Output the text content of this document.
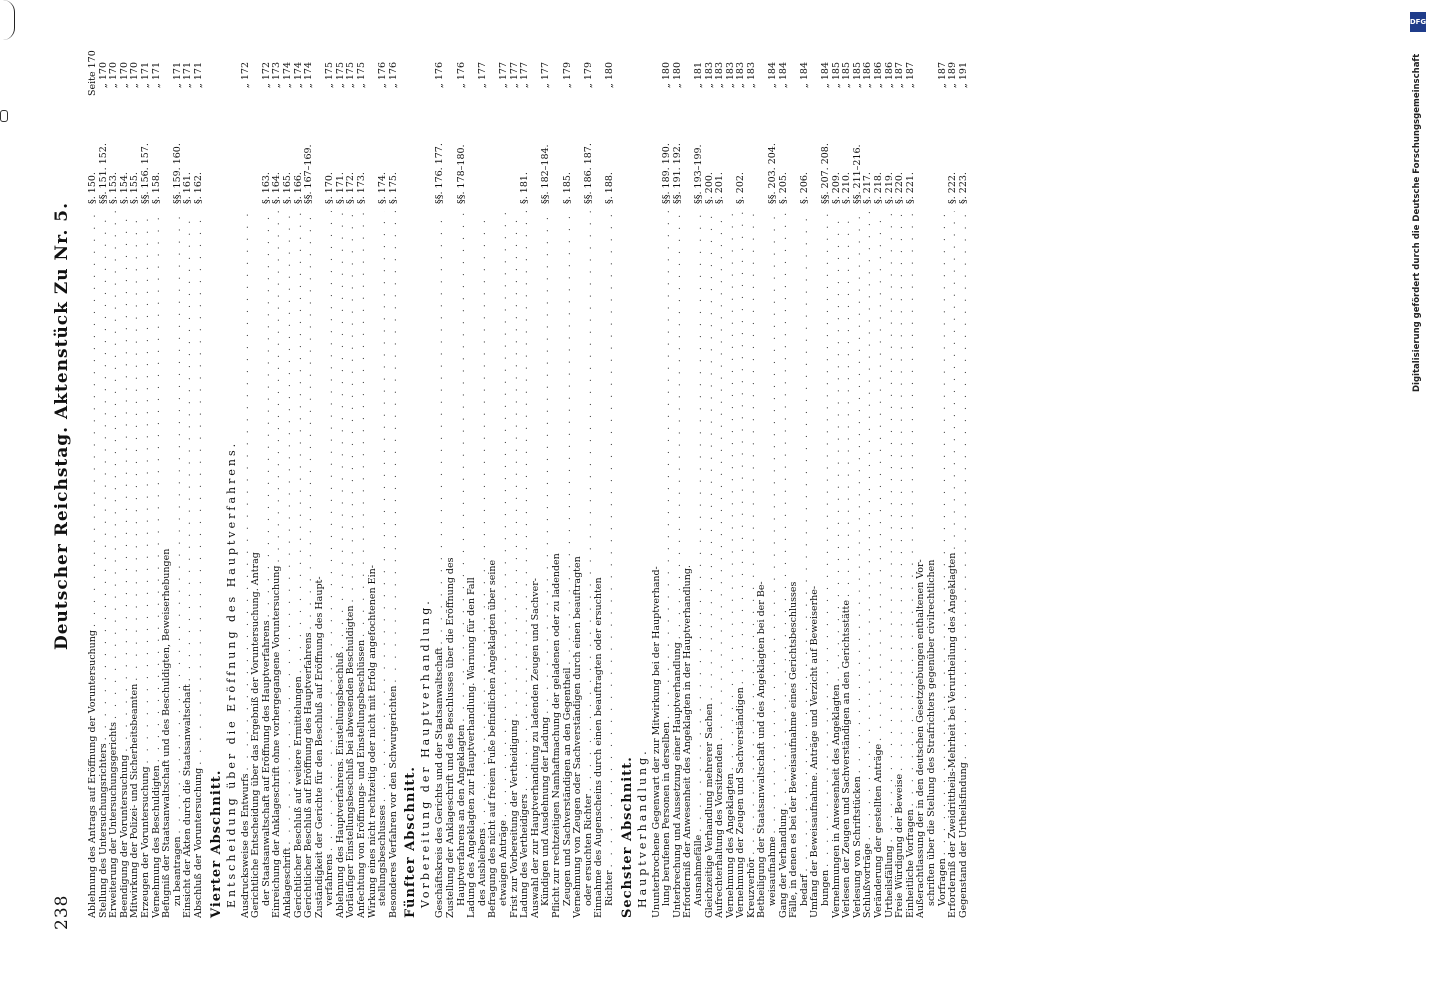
238
Deutscher Reichstag. Aktenstück Zu Nr. 5.
Ablehnung des Antrags auf Eröffnung der Voruntersuchung
. . .
§. 150.
Seite 170
Stellung des Untersuchungsrichters
. . .
§§. 151. 152.
„ 170
Erweiterung der Untersuchungsgerichts
. . .
§. 153.
„ 170
Beendigung der Voruntersuchung
. . .
§. 154.
„ 170
Mitwirkung der Polizei- und Sicherheitsbeamten
. . .
§. 155.
„ 170
Erzeugen der Voruntersuchung
. . .
§§. 156. 157.
„ 171
Vernehmung des Beschuldigten
. . .
§. 158.
„ 171
Befugniß der Staatsanwaltschaft und des Beschuldigten, Beweiserhebungen zu beantragen
. . .
§§. 159. 160.
„ 171
Einsicht der Akten durch die Staatsanwaltschaft
. . .
§. 161.
„ 171
Abschluß der Voruntersuchung
. . .
§. 162.
„ 171
Vierter Abschnitt. Entscheidung über die Eröffnung des Hauptverfahrens. Ausdrucksweise des Entwurfs
. . .
„ 172
Gerichtliche Entscheidung über das Ergebniß der Voruntersuchung. Antrag der Staatsanwaltschaft auf Eröffnung des Hauptverfahrens
. . .
§. 163.
„ 172
Einreichung der Anklageschrift ohne vorhergegangene Voruntersuchung
. . .
§. 164.
„ 173
Anklageschrift
. . .
§. 165.
„ 174
Gerichtlicher Beschluß auf weitere Ermittelungen
. . .
§. 166.
„ 174
Gerichtlicher Beschluß auf Eröffnung des Hauptverfahrens
. . .
§§. 167–169.
„ 174
Zuständigkeit der Gerichte für den Beschluß auf Eröffnung des Haupt- verfahrens
. . .
§. 170.
„ 175
Ablehnung des Hauptverfahrens. Einstellungsbeschluß
. . .
§. 171.
„ 175
Vorläufiger Einstellungsbeschluß bei abwesenden Beschuldigten
. . .
§. 172.
„ 175
Anfechtung von Eröffnungs- und Einstellungsbeschlüssen
. . .
§. 173.
„ 175
Wirkung eines nicht rechtzeitig oder nicht mit Erfolg angefochtenen Ein- stellungsbeschlusses
. . .
§. 174.
„ 176
Besonderes Verfahren vor den Schwurgerichten
. . .
§. 175.
„ 176
Fünfter Abschnitt. Vorbereitung der Hauptverhandlung. Geschäftskreis des Gerichts und der Staatsanwaltschaft
. . .
§§. 176. 177.
„ 176
Zustellung der Anklageschrift und des Beschlusses über die Eröffnung des Hauptverfahrens an den Angeklagten
. . .
§§. 178–180.
„ 176
Ladung des Angeklagten zur Hauptverhandlung. Warnung für den Fall des Ausbleibens
. . .
„ 177
Befragung des nicht auf freiem Fuße befindlichen Angeklagten über seine etwaigen Anträge
. . .
„ 177
Frist zur Vorbereitung der Vertheidigung
. . .
„ 177
Ladung des Vertheidigers
. . .
§. 181.
„ 177
Auswahl der zur Hauptverhandlung zu ladenden Zeugen und Sachver- Kündigen und Ausdehnung der Ladung
. . .
§§. 182–184.
„ 177
Pflicht zur rechtzeitigen Namhaftmachung der geladenen oder zu ladenden Zeugen und Sachverständigen an den Gegentheil
. . .
§. 185.
„ 179
Vernehmung von Zeugen oder Sachverständigen durch einen beauftragten oder ersuchten Richter
. . .
§§. 186. 187.
„ 179
Einnahme des Augenscheins durch einen beauftragten oder ersuchten Richter
. . .
§. 188.
„ 180
Sechster Abschnitt. Hauptverhandlung. Ununterbrochene Gegenwart der zur Mitwirkung bei der Hauptverhand- lung berufenen Personen in derselben
. . .
§§. 189. 190.
„ 180
Unterbrechung und Aussetzung einer Hauptverhandlung
. . .
§§. 191. 192.
„ 180
Erforderniß der Anwesenheit des Angeklagten in der Hauptverhandlung. Ausnahmefälle
. . .
§§. 193–199.
„ 181
Gleichzeitige Verhandlung mehrerer Sachen
. . .
§. 200.
„ 183
Aufrechterhaltung des Vorsitzenden
. . .
§. 201.
„ 183
Vernehmung des Angeklagten
. . .
„ 183
Vernehmung der Zeugen und Sachverständigen
. . .
§. 202.
„ 183
Kreuzverhör
. . .
„ 183
Betheiligung der Staatsanwaltschaft und des Angeklagten bei der Be- weisaufnahme
. . .
§§. 203. 204.
„ 184
Gang der Verhandlung
. . .
§. 205.
„ 184
Fälle, in denen es bei der Beweisaufnahme eines Gerichtsbeschlusses bedarf
. . .
§. 206.
„ 184
Umfang der Beweisaufnahme. Anträge und Verzicht auf Beweiserhe- bungen
. . .
§§. 207. 208.
„ 184
Vernehmungen in Anwesenheit des Angeklagten
. . .
§. 209.
„ 185
Verlesen der Zeugen und Sachverständigen an den Gerichtsstätte
. . .
§. 210.
„ 185
Verlesung von Schriftstücken
. . .
§§. 211–216.
„ 185
Schlußvorträge
. . .
§. 217.
„ 186
Veränderung der gestellten Anträge
. . .
§. 218.
„ 186
Urtheilsfällung
. . .
§. 219.
„ 186
Freie Würdigung der Beweise
. . .
§. 220.
„ 187
Einheitliche Vorfragen
. . .
§. 221.
„ 187
Außerachtlassung der in den deutschen Gesetzgebungen enthaltenen Vor- schriften über die Stellung des Strafrichters gegenüber civilrechtlichen Vorfragen
. . .
„ 187
Erforderniß der Zweidrittheils-Mehrheit bei Verurtheilung des Angeklagten
. . .
§. 222.
„ 189
Gegenstand der Urtheilsfindung
. . .
§. 223.
„ 191
DFG
Digitalisierung gefördert durch die Deutsche Forschungsgemeinschaft
